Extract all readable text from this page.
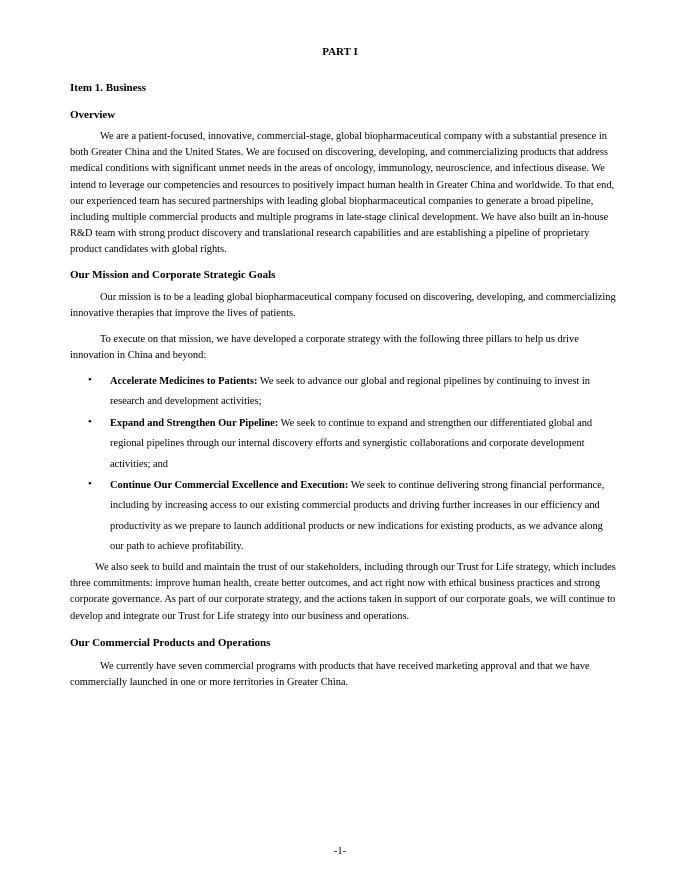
PART I
Item 1. Business
Overview

We are a patient-focused, innovative, commercial-stage, global biopharmaceutical company with a substantial presence in both Greater China and the United States. We are focused on discovering, developing, and commercializing products that address medical conditions with significant unmet needs in the areas of oncology, immunology, neuroscience, and infectious disease. We intend to leverage our competencies and resources to positively impact human health in Greater China and worldwide. To that end, our experienced team has secured partnerships with leading global biopharmaceutical companies to generate a broad pipeline, including multiple commercial products and multiple programs in late-stage clinical development. We have also built an in-house R&D team with strong product discovery and translational research capabilities and are establishing a pipeline of proprietary product candidates with global rights.

Our Mission and Corporate Strategic Goals

Our mission is to be a leading global biopharmaceutical company focused on discovering, developing, and commercializing innovative therapies that improve the lives of patients.

To execute on that mission, we have developed a corporate strategy with the following three pillars to help us drive innovation in China and beyond:

• Accelerate Medicines to Patients: We seek to advance our global and regional pipelines by continuing to invest in research and development activities;

• Expand and Strengthen Our Pipeline: We seek to continue to expand and strengthen our differentiated global and regional pipelines through our internal discovery efforts and synergistic collaborations and corporate development activities; and

• Continue Our Commercial Excellence and Execution: We seek to continue delivering strong financial performance, including by increasing access to our existing commercial products and driving further increases in our efficiency and productivity as we prepare to launch additional products or new indications for existing products, as we advance along our path to achieve profitability.

We also seek to build and maintain the trust of our stakeholders, including through our Trust for Life strategy, which includes three commitments: improve human health, create better outcomes, and act right now with ethical business practices and strong corporate governance. As part of our corporate strategy, and the actions taken in support of our corporate goals, we will continue to develop and integrate our Trust for Life strategy into our business and operations.

Our Commercial Products and Operations

We currently have seven commercial programs with products that have received marketing approval and that we have commercially launched in one or more territories in Greater China.

-1-
